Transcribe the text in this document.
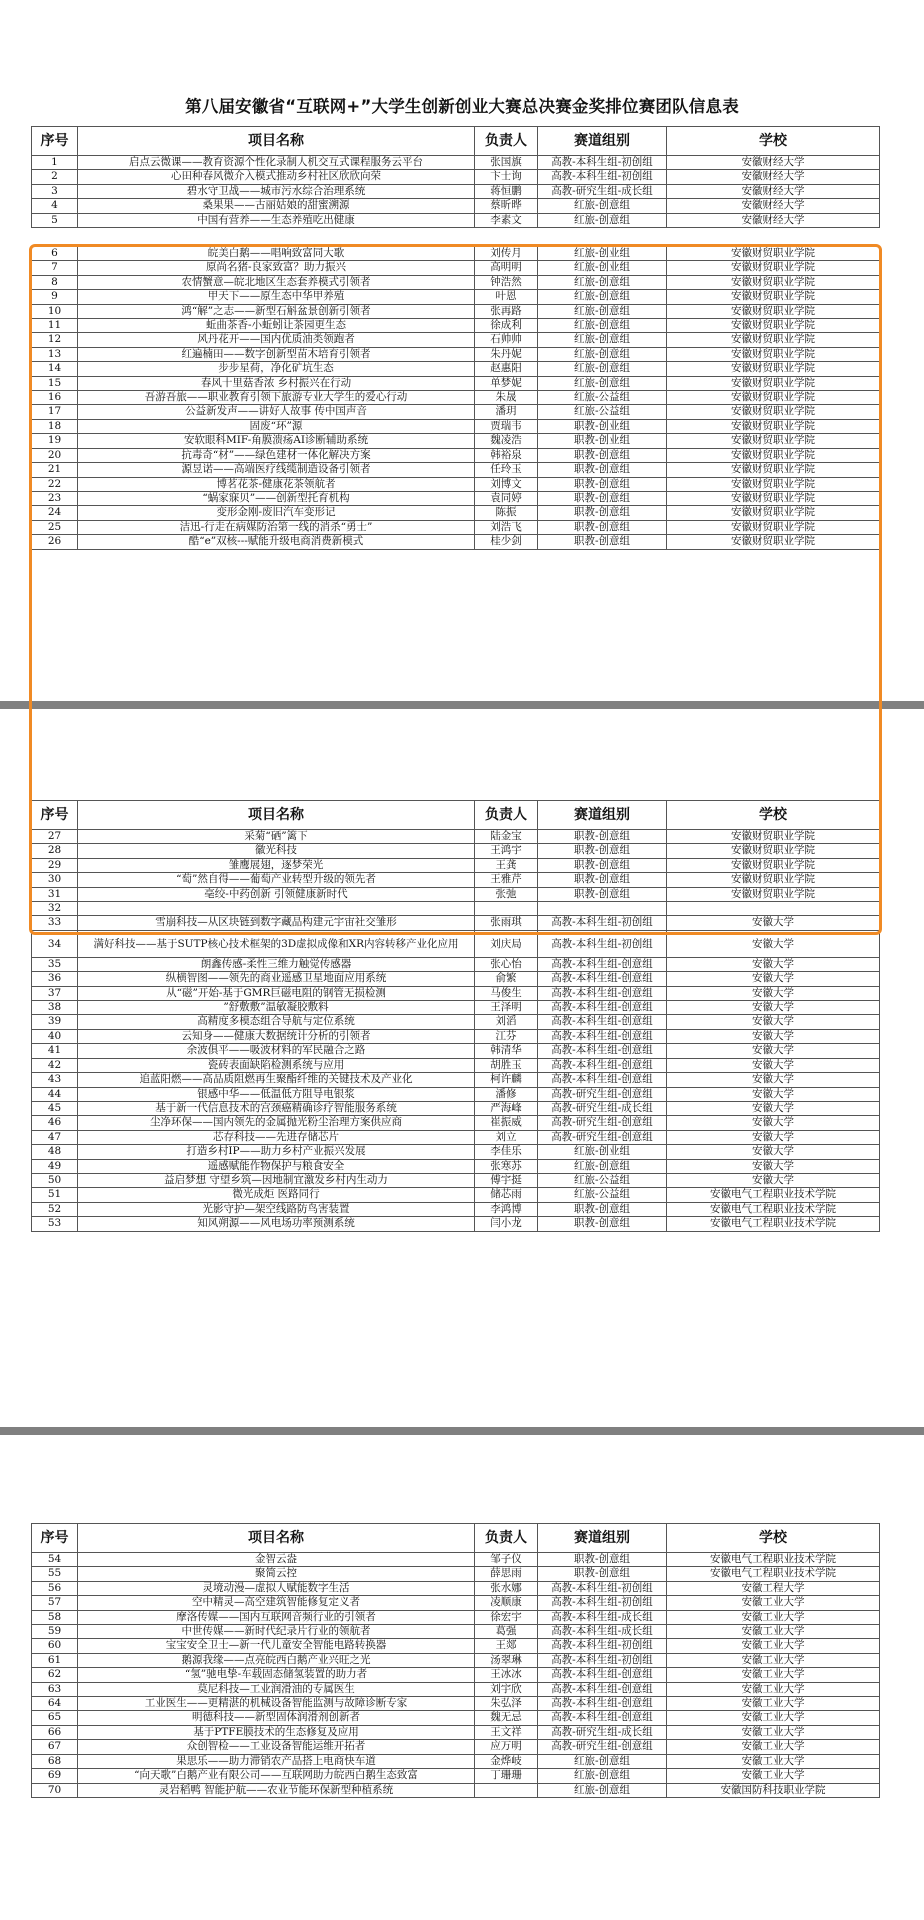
第八届安徽省“互联网+”大学生创新创业大赛总决赛金奖排位赛团队信息表
序号	项目名称	负责人	赛道组别	学校
1	启点云微课——教育资源个性化录制人机交互式课程服务云平台	张国旗	高教-本科生组-初创组	安徽财经大学
2	心田种春风微介入模式推动乡村社区欣欣向荣	卞士询	高教-本科生组-初创组	安徽财经大学
3	碧水守卫战——城市污水综合治理系统	蒋恒鹏	高教-研究生组-成长组	安徽财经大学
4	桑果果——古丽姑娘的甜蜜溯源	蔡昕晔	红旅-创意组	安徽财经大学
5	中国有营养——生态养殖吃出健康	李素文	红旅-创意组	安徽财经大学
6	皖美白鹅——唱响致富同大歌	刘传月	红旅-创业组	安徽财贸职业学院
7	原尚名猪-良家致富？助力振兴	高明明	红旅-创业组	安徽财贸职业学院
8	农情蟹意—皖北地区生态套养模式引领者	钟浩然	红旅-创意组	安徽财贸职业学院
9	甲天下——原生态中华甲养殖	叶恩	红旅-创意组	安徽财贸职业学院
10	鸿“解”之志——新型石斛盆景创新引领者	张再路	红旅-创意组	安徽财贸职业学院
11	蚯曲茶香-小蚯蚓让茶园更生态	徐成利	红旅-创意组	安徽财贸职业学院
12	风丹花开——国内优质油类领跑者	石帅帅	红旅-创意组	安徽财贸职业学院
13	红遍楠田——数字创新型苗木培育引领者	朱丹妮	红旅-创意组	安徽财贸职业学院
14	步步星荷，净化矿坑生态	赵惠阳	红旅-创意组	安徽财贸职业学院
15	春风十里菇香浓 乡村振兴在行动	单梦妮	红旅-创意组	安徽财贸职业学院
16	吾游吾旅——职业教育引领下旅游专业大学生的爱心行动	朱晟	红旅-公益组	安徽财贸职业学院
17	公益新发声——讲好人故事 传中国声音	潘玥	红旅-公益组	安徽财贸职业学院
18	固废“环”源	贾瑞韦	职教-创业组	安徽财贸职业学院
19	安软眼科MIF-角膜溃疡AI诊断辅助系统	魏凌浩	职教-创业组	安徽财贸职业学院
20	抗毒奇“材”——绿色建材一体化解决方案	韩裕泉	职教-创意组	安徽财贸职业学院
21	源昱诺——高端医疗线缆制造设备引领者	任玲玉	职教-创意组	安徽财贸职业学院
22	博茗花茶-健康花茶领航者	刘博文	职教-创意组	安徽财贸职业学院
23	“蜗家寐贝”——创新型托育机构	袁同婷	职教-创意组	安徽财贸职业学院
24	变形金刚-废旧汽车变形记	陈振	职教-创意组	安徽财贸职业学院
25	洁迅-行走在病媒防治第一线的消杀“勇士”	刘浩飞	职教-创意组	安徽财贸职业学院
26	酷“e”双核---赋能升级电商消费新模式	桂少剑	职教-创意组	安徽财贸职业学院
序号	项目名称	负责人	赛道组别	学校
27	采菊“硒”篱下	陆金宝	职教-创意组	安徽财贸职业学院
28	徽光科技	王鸿宇	职教-创意组	安徽财贸职业学院
29	雏鹰展翅，逐梦荣光	王龚	职教-创意组	安徽财贸职业学院
30	“萄”然自得——葡萄产业转型升级的领先者	王雅芹	职教-创意组	安徽财贸职业学院
31	亳绞-中药创新 引领健康新时代	张弛	职教-创意组	安徽财贸职业学院
32				
33	雪崩科技—从区块链到数字藏品构建元宇宙社交雏形	张雨琪	高教-本科生组-初创组	安徽大学
34	满好科技——基于SUTP核心技术框架的3D虚拟成像和XR内容转移产业化应用	刘庆局	高教-本科生组-初创组	安徽大学
35	朗鑫传感-柔性三维力触觉传感器	张心怡	高教-本科生组-创意组	安徽大学
36	纵横智图——领先的商业遥感卫星地面应用系统	俞繁	高教-本科生组-创意组	安徽大学
37	从“磁”开始-基于GMR巨磁电阻的钢管无损检测	马俊生	高教-本科生组-创意组	安徽大学
38	”舒敷敷”温敏凝胶敷料	王泽明	高教-本科生组-创意组	安徽大学
39	高精度多模态组合导航与定位系统	刘滔	高教-本科生组-创意组	安徽大学
40	云知身——健康大数据统计分析的引领者	江芬	高教-本科生组-创意组	安徽大学
41	余波俱平——吸波材料的军民融合之路	韩清华	高教-本科生组-创意组	安徽大学
42	瓷砖表面缺陷检测系统与应用	胡胜玉	高教-本科生组-创意组	安徽大学
43	追蓝阳燃——高品质阻燃再生聚酯纤维的关键技术及产业化	柯许麟	高教-本科生组-创意组	安徽大学
44	银感中华——低温低方阻导电银浆	潘修	高教-研究生组-创意组	安徽大学
45	基于新一代信息技术的宫颈癌精确诊疗智能服务系统	严海峰	高教-研究生组-成长组	安徽大学
46	尘净环保——国内领先的金属抛光粉尘治理方案供应商	崔振威	高教-研究生组-创意组	安徽大学
47	芯存科技——先进存储芯片	刘立	高教-研究生组-创意组	安徽大学
48	打造乡村IP——助力乡村产业振兴发展	李佳乐	红旅-创业组	安徽大学
49	遥感赋能作物保护与粮食安全	张寒苏	红旅-创意组	安徽大学
50	益启梦想 守望乡筑—因地制宜激发乡村内生动力	傅宇挺	红旅-公益组	安徽大学
51	微光成炬 医路同行	储芯雨	红旅-公益组	安徽电气工程职业技术学院
52	光影守护—架空线路防鸟害装置	李鸿博	职教-创意组	安徽电气工程职业技术学院
53	知风朔源——风电场功率预测系统	闫小龙	职教-创意组	安徽电气工程职业技术学院
序号	项目名称	负责人	赛道组别	学校
54	金智云盎	邹子仪	职教-创意组	安徽电气工程职业技术学院
55	聚简云控	薛思雨	职教-创意组	安徽电气工程职业技术学院
56	灵境动漫—虚拟人赋能数字生活	张水娜	高教-本科生组-初创组	安徽工程大学
57	空中精灵—高空建筑智能修复定义者	凌顺康	高教-本科生组-初创组	安徽工业大学
58	摩洛传媒——国内互联网音频行业的引领者	徐宏宇	高教-本科生组-成长组	安徽工业大学
59	中世传媒——新时代纪录片行业的领航者	葛强	高教-本科生组-成长组	安徽工业大学
60	宝宝安全卫士—新一代儿童安全智能电路转换器	王郯	高教-本科生组-初创组	安徽工业大学
61	鹅源我缘——点亮皖西白鹅产业兴旺之光	汤翠琳	高教-本科生组-初创组	安徽工业大学
62	“氢”驰电挚-车载固态储氢装置的助力者	王冰冰	高教-本科生组-创意组	安徽工业大学
63	莫尼科技—工业润滑油的专属医生	刘宇欣	高教-本科生组-创意组	安徽工业大学
64	工业医生——更精湛的机械设备智能监测与故障诊断专家	朱弘泽	高教-本科生组-创意组	安徽工业大学
65	明德科技——新型固体润滑剂创新者	魏无忌	高教-本科生组-创意组	安徽工业大学
66	基于PTFE膜技术的生态修复及应用	王文祥	高教-研究生组-成长组	安徽工业大学
67	众创智检——工业设备智能运维开拓者	应万明	高教-研究生组-创意组	安徽工业大学
68	果思乐——助力滞销农产品搭上电商快车道	金烨岐	红旅-创意组	安徽工业大学
69	“向天歌”白鹅产业有限公司——互联网助力皖西白鹅生态致富	丁珊珊	红旅-创意组	安徽工业大学
70	灵岩稻鸭 智能护航——农业节能环保新型种植系统		红旅-创意组	安徽国防科技职业学院
